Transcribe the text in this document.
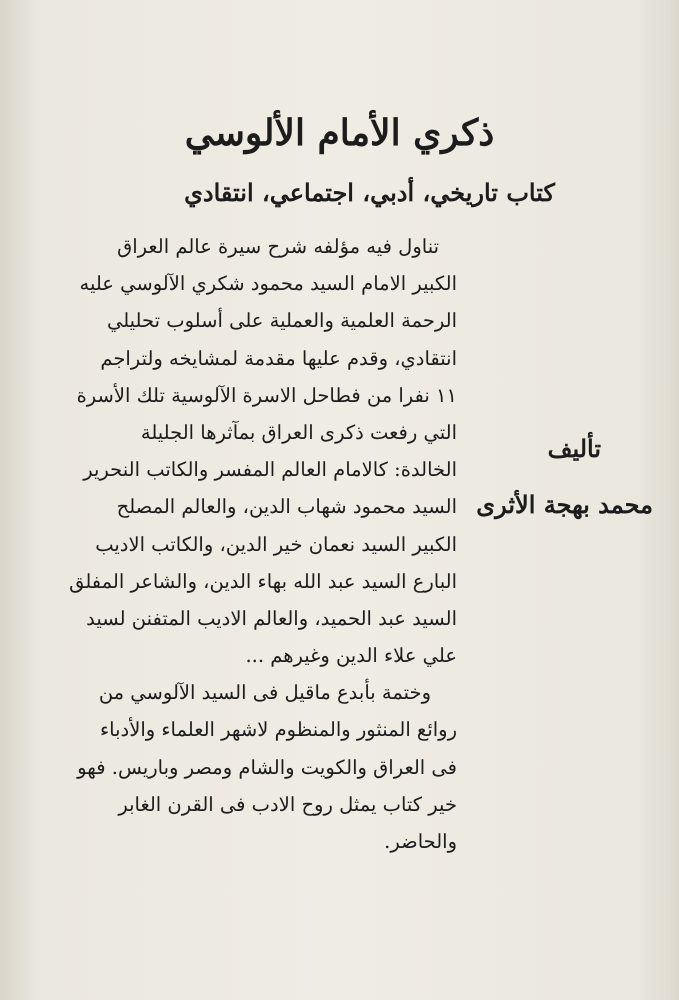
ذكري الأمام الألوسي
كتاب تاريخي، أدبي، اجتماعي، انتقادي
تناول فيه مؤلفه شرح سيرة عالم العراق
الكبير الامام السيد محمود شكري الآلوسي عليه
الرحمة العلمية والعملية على أسلوب تحليلي
انتقادي، وقدم عليها مقدمة لمشايخه ولتراجم
١١ نفرا من فطاحل الاسرة الآلوسية تلك الأسرة
التي رفعت ذكرى العراق بمآثرها الجليلة
الخالدة: كالامام العالم المفسر والكاتب النحرير
السيد محمود شهاب الدين، والعالم المصلح
الكبير السيد نعمان خير الدين، والكاتب الاديب
البارع السيد عبد الله بهاء الدين، والشاعر المفلق
السيد عبد الحميد، والعالم الاديب المتفنن لسيد
علي علاء الدين وغيرهم ...
وختمة بأبدع ماقيل فى السيد الآلوسي من
روائع المنثور والمنظوم لاشهر العلماء والأدباء
فى العراق والكويت والشام ومصر وباريس. فهو
خير كتاب يمثل روح الادب فى القرن الغابر
والحاضر.
تأليف
محمد بهجة الأثرى
